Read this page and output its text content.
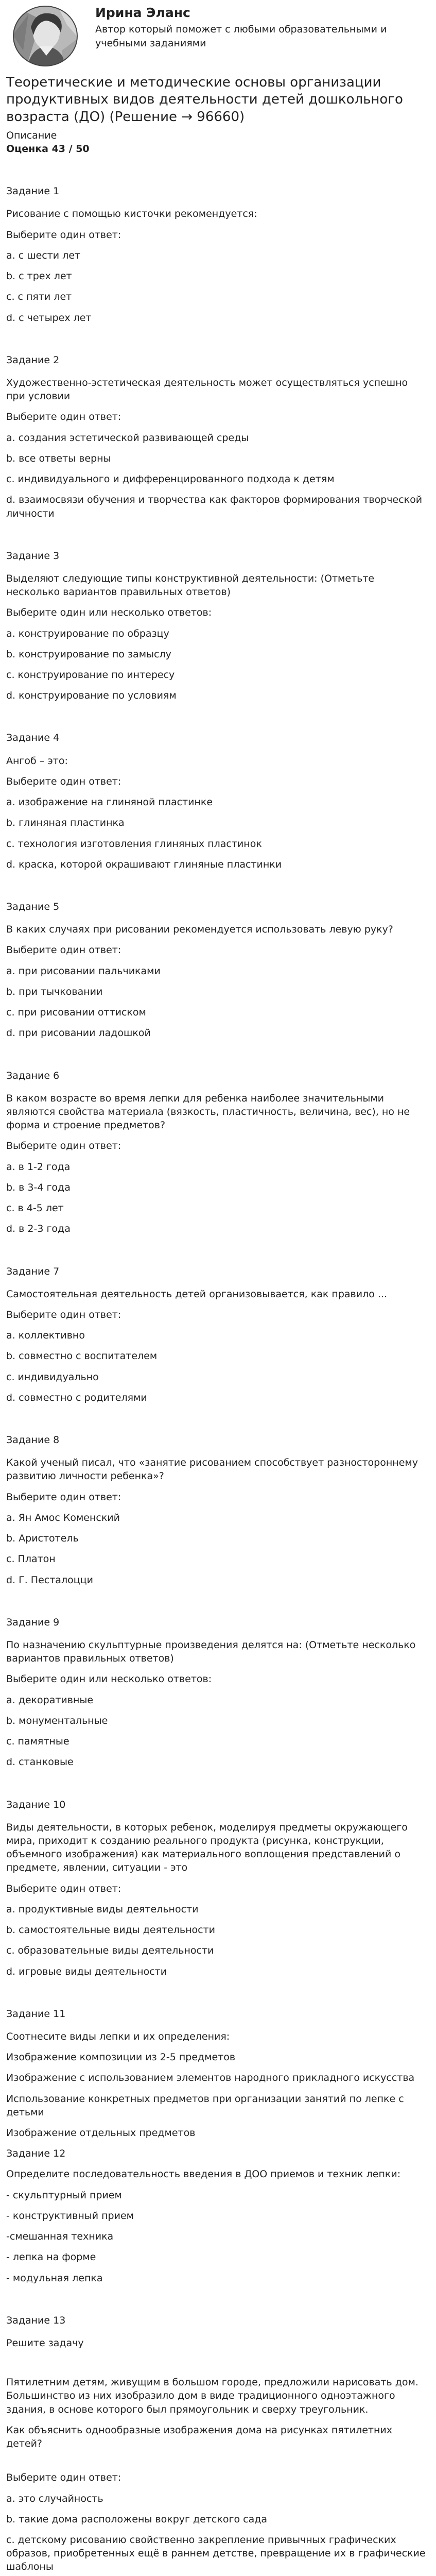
Ирина Эланс
Автор который поможет с любыми образовательными и учебными заданиями
Теоретические и методические основы организации продуктивных видов деятельности детей дошкольного возраста (ДО) (Решение → 96660)
Описание
Оценка 43 / 50
Задание 1
Рисование с помощью кисточки рекомендуется:
Выберите один ответ:
a. с шести лет
b. с трех лет
c. с пяти лет
d. с четырех лет
Задание 2
Художественно-эстетическая деятельность может осуществляться успешно при условии
Выберите один ответ:
a. создания эстетической развивающей среды
b. все ответы верны
c. индивидуального и дифференцированного подхода к детям
d. взаимосвязи обучения и творчества как факторов формирования творческой личности
Задание 3
Выделяют следующие типы конструктивной деятельности: (Отметьте несколько вариантов правильных ответов)
Выберите один или несколько ответов:
a. конструирование по образцу
b. конструирование по замыслу
c. конструирование по интересу
d. конструирование по условиям
Задание 4
Ангоб – это:
Выберите один ответ:
a. изображение на глиняной пластинке
b. глиняная пластинка
c. технология изготовления глиняных пластинок
d. краска, которой окрашивают глиняные пластинки
Задание 5
В каких случаях при рисовании рекомендуется использовать левую руку?
Выберите один ответ:
a. при рисовании пальчиками
b. при тычковании
c. при рисовании оттиском
d. при рисовании ладошкой
Задание 6
В каком возрасте во время лепки для ребенка наиболее значительными являются свойства материала (вязкость, пластичность, величина, вес), но не форма и строение предметов?
Выберите один ответ:
a. в 1-2 года
b. в 3-4 года
c. в 4-5 лет
d. в 2-3 года
Задание 7
Самостоятельная деятельность детей организовывается, как правило ...
Выберите один ответ:
a. коллективно
b. совместно с воспитателем
c. индивидуально
d. совместно с родителями
Задание 8
Какой ученый писал, что «занятие рисованием способствует разностороннему развитию личности ребенка»?
Выберите один ответ:
a. Ян Амос Коменский
b. Аристотель
c. Платон
d. Г. Песталоцци
Задание 9
По назначению скульптурные произведения делятся на: (Отметьте несколько вариантов правильных ответов)
Выберите один или несколько ответов:
a. декоративные
b. монументальные
c. памятные
d. станковые
Задание 10
Виды деятельности, в которых ребенок, моделируя предметы окружающего мира, приходит к созданию реального продукта (рисунка, конструкции, объемного изображения) как материального воплощения представлений о предмете, явлении, ситуации - это
Выберите один ответ:
a. продуктивные виды деятельности
b. самостоятельные виды деятельности
c. образовательные виды деятельности
d. игровые виды деятельности
Задание 11
Соотнесите виды лепки и их определения:
Изображение композиции из 2-5 предметов
Изображение с использованием элементов народного прикладного искусства
Использование конкретных предметов при организации занятий по лепке с детьми
Изображение отдельных предметов
Задание 12
Определите последовательность введения в ДОО приемов и техник лепки:
- скульптурный прием
- конструктивный прием
-смешанная техника
- лепка на форме
- модульная лепка
Задание 13
Решите задачу
Пятилетним детям, живущим в большом городе, предложили нарисовать дом. Большинство из них изобразило дом в виде традиционного одноэтажного здания, в основе которого был прямоугольник и сверху треугольник.
Как объяснить однообразные изображения дома на рисунках пятилетних детей?
Выберите один ответ:
a. это случайность
b. такие дома расположены вокруг детского сада
c. детскому рисованию свойственно закрепление привычных графических образов, приобретенных ещё в раннем детстве, превращение их в графические шаблоны
